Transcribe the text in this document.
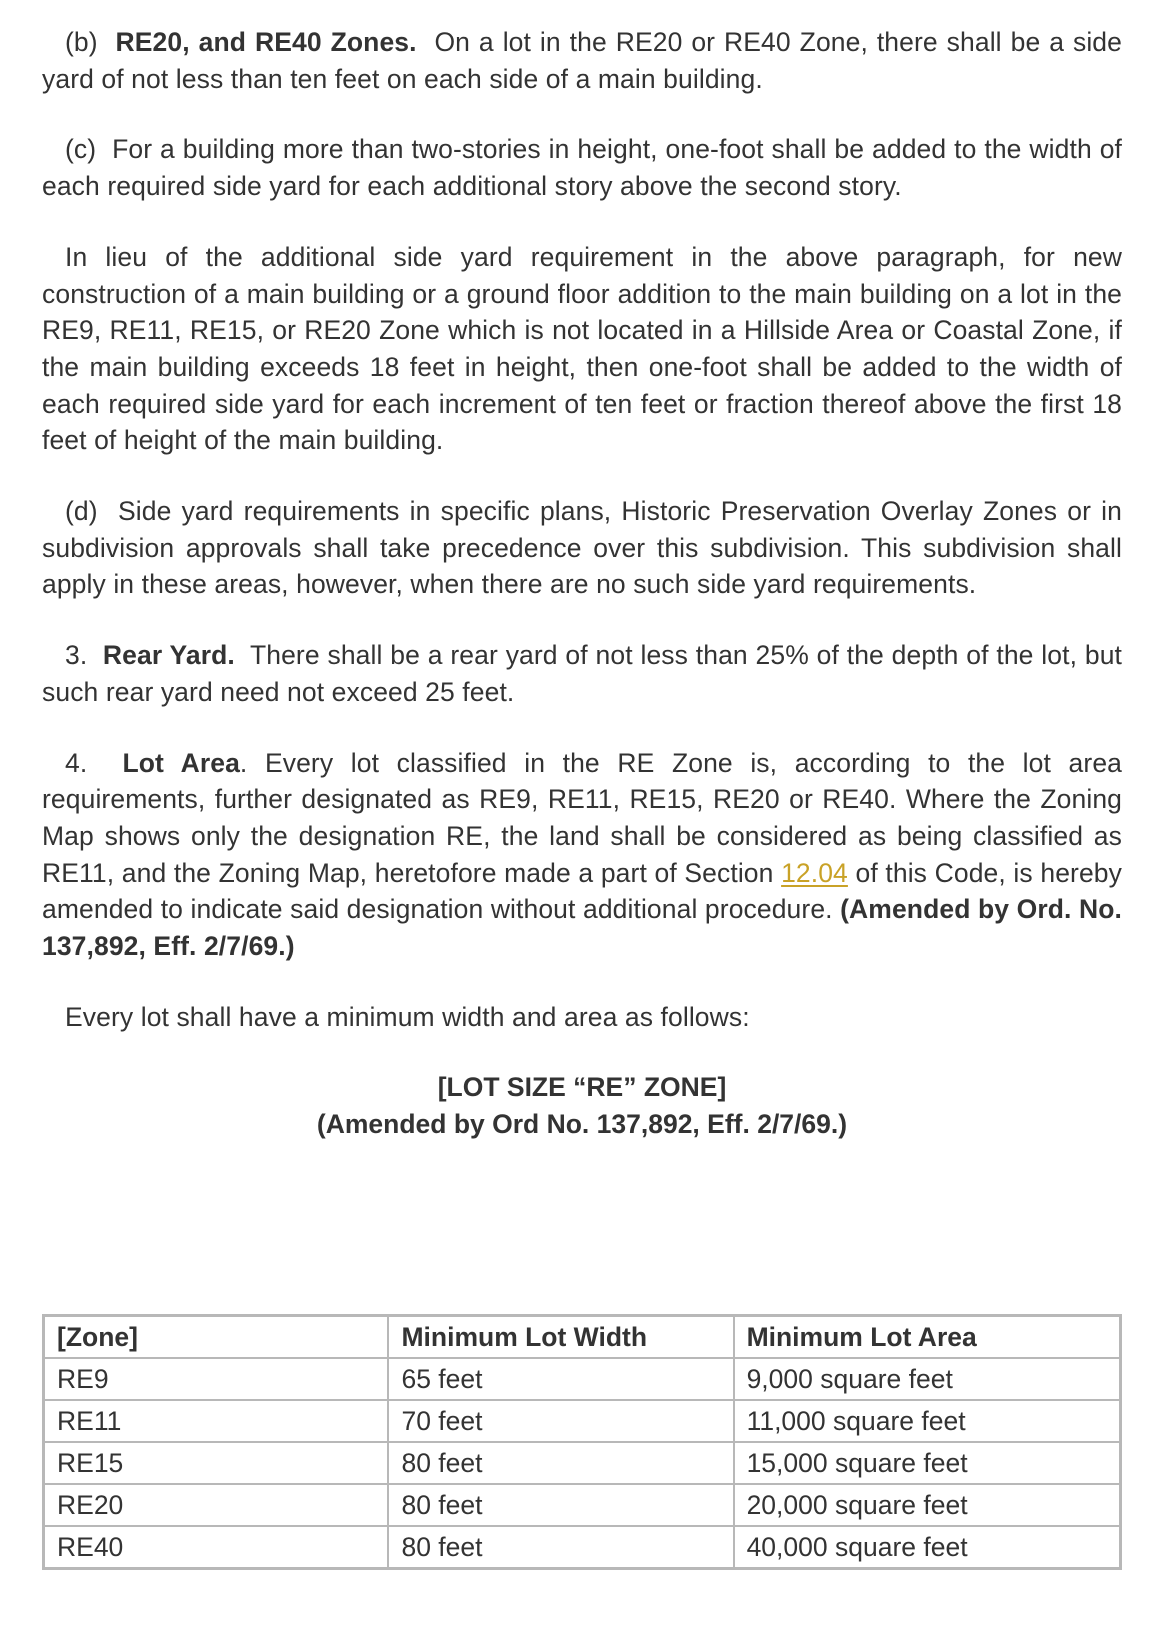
(b) RE20, and RE40 Zones. On a lot in the RE20 or RE40 Zone, there shall be a side yard of not less than ten feet on each side of a main building.

(c) For a building more than two-stories in height, one-foot shall be added to the width of each required side yard for each additional story above the second story.

In lieu of the additional side yard requirement in the above paragraph, for new construction of a main building or a ground floor addition to the main building on a lot in the RE9, RE11, RE15, or RE20 Zone which is not located in a Hillside Area or Coastal Zone, if the main building exceeds 18 feet in height, then one-foot shall be added to the width of each required side yard for each increment of ten feet or fraction thereof above the first 18 feet of height of the main building.

(d) Side yard requirements in specific plans, Historic Preservation Overlay Zones or in subdivision approvals shall take precedence over this subdivision. This subdivision shall apply in these areas, however, when there are no such side yard requirements.

3. Rear Yard. There shall be a rear yard of not less than 25% of the depth of the lot, but such rear yard need not exceed 25 feet.

4. Lot Area. Every lot classified in the RE Zone is, according to the lot area requirements, further designated as RE9, RE11, RE15, RE20 or RE40. Where the Zoning Map shows only the designation RE, the land shall be considered as being classified as RE11, and the Zoning Map, heretofore made a part of Section 12.04 of this Code, is hereby amended to indicate said designation without additional procedure. (Amended by Ord. No. 137,892, Eff. 2/7/69.)

Every lot shall have a minimum width and area as follows:

[LOT SIZE “RE” ZONE]

(Amended by Ord No. 137,892, Eff. 2/7/69.)

[Zone]	Minimum Lot Width	Minimum Lot Area
RE9	65 feet	9,000 square feet
RE11	70 feet	11,000 square feet
RE15	80 feet	15,000 square feet
RE20	80 feet	20,000 square feet
RE40	80 feet	40,000 square feet
